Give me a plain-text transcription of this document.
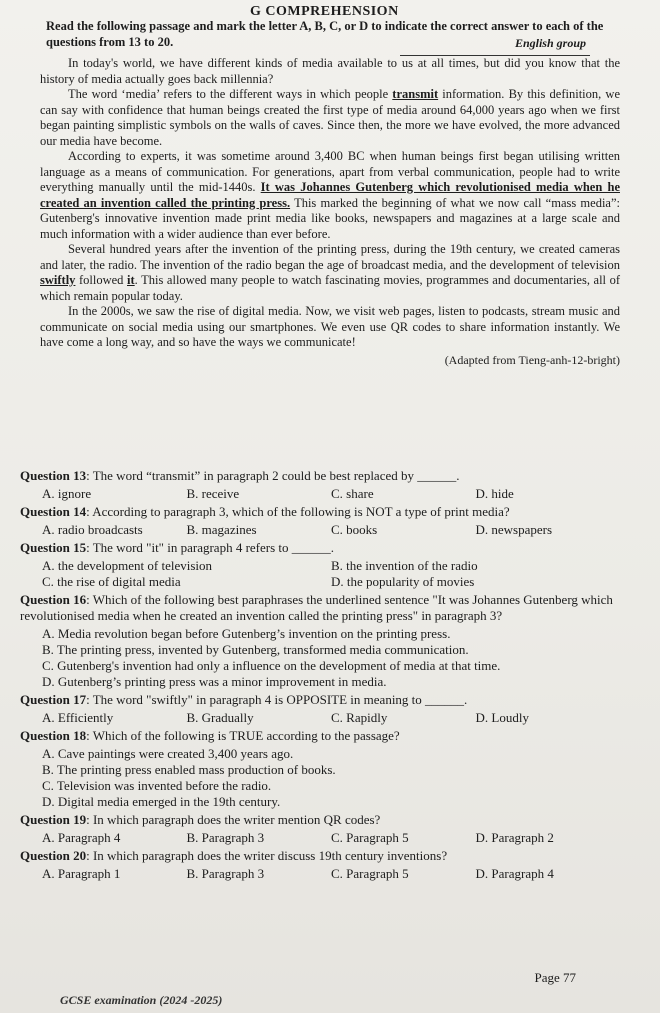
G COMPREHENSION
English group
Read the following passage and mark the letter A, B, C, or D to indicate the correct answer to each of the questions from 13 to 20.

In today's world, we have different kinds of media available to us at all times, but did you know that the history of media actually goes back millennia?

The word ‘media’ refers to the different ways in which people transmit information. By this definition, we can say with confidence that human beings created the first type of media around 64,000 years ago when we first began painting simplistic symbols on the walls of caves. Since then, the more we have evolved, the more advanced our media have become.

According to experts, it was sometime around 3,400 BC when human beings first began utilising written language as a means of communication. For generations, apart from verbal communication, people had to write everything manually until the mid-1440s. It was Johannes Gutenberg which revolutionised media when he created an invention called the printing press. This marked the beginning of what we now call “mass media”: Gutenberg's innovative invention made print media like books, newspapers and magazines at a large scale and much information with a wider audience than ever before.

Several hundred years after the invention of the printing press, during the 19th century, we created cameras and later, the radio. The invention of the radio began the age of broadcast media, and the development of television swiftly followed it. This allowed many people to watch fascinating movies, programmes and documentaries, all of which remain popular today.

In the 2000s, we saw the rise of digital media. Now, we visit web pages, listen to podcasts, stream music and communicate on social media using our smartphones. We even use QR codes to share information instantly. We have come a long way, and so have the ways we communicate!

(Adapted from Tieng-anh-12-bright)
Question 13: The word “transmit” in paragraph 2 could be best replaced by ______.
A. ignore	B. receive	C. share	D. hide
Question 14: According to paragraph 3, which of the following is NOT a type of print media?
A. radio broadcasts	B. magazines	C. books	D. newspapers
Question 15: The word "it" in paragraph 4 refers to ______.
A. the development of television	B. the invention of the radio
C. the rise of digital media	D. the popularity of movies
Question 16: Which of the following best paraphrases the underlined sentence "It was Johannes Gutenberg which revolutionised media when he created an invention called the printing press" in paragraph 3?
A. Media revolution began before Gutenberg’s invention on the printing press.
B. The printing press, invented by Gutenberg, transformed media communication.
C. Gutenberg's invention had only a influence on the development of media at that time.
D. Gutenberg’s printing press was a minor improvement in media.
Question 17: The word "swiftly" in paragraph 4 is OPPOSITE in meaning to ______.
A. Efficiently	B. Gradually	C. Rapidly	D. Loudly
Question 18: Which of the following is TRUE according to the passage?
A. Cave paintings were created 3,400 years ago.
B. The printing press enabled mass production of books.
C. Television was invented before the radio.
D. Digital media emerged in the 19th century.
Question 19: In which paragraph does the writer mention QR codes?
A. Paragraph 4	B. Paragraph 3	C. Paragraph 5	D. Paragraph 2
Question 20: In which paragraph does the writer discuss 19th century inventions?
A. Paragraph 1	B. Paragraph 3	C. Paragraph 5	D. Paragraph 4
Page 77
GCSE examination (2024 -2025)
